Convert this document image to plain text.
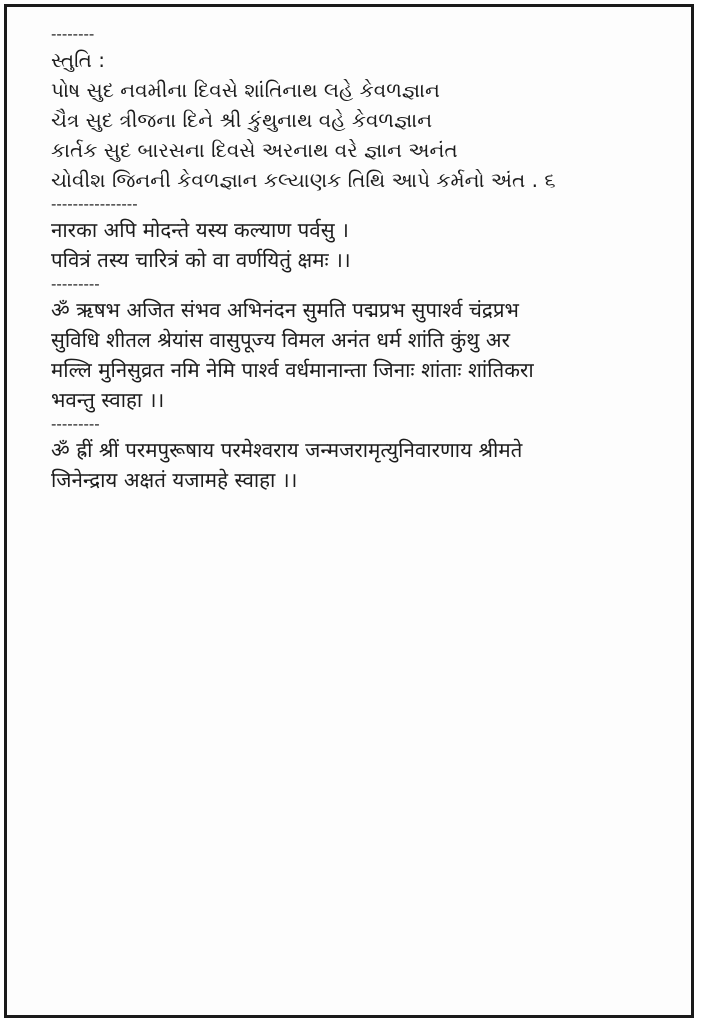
--------
સ્તુતિ :
પોષ સુદ નવમીના દિવસે શાંતિનાથ લહે કેવળજ્ઞાન
ચૈત્ર સુદ ત્રીજના દિને શ્રી કુંથુનાથ વહે કેવળજ્ઞાન
કાર્તક સુદ બારસના દિવસે અરનાથ વરે જ્ઞાન અનંત
ચોવીશ જિનની કેવળજ્ઞાન કલ્યાણક તિથિ આપે કર્મનો અંત . ૬
----------------
नारका अपि मोदन्ते यस्य कल्याण पर्वसु ।
पवित्रं तस्य चारित्रं को वा वर्णयितुं क्षमः ।।
---------
ॐ ऋषभ अजित संभव अभिनंदन सुमति पद्मप्रभ सुपार्श्व चंद्रप्रभ
सुविधि शीतल श्रेयांस वासुपूज्य विमल अनंत धर्म शांति कुंथु अर
मल्लि मुनिसुव्रत नमि नेमि पार्श्व वर्धमानान्ता जिनाः शांताः शांतिकरा
भवन्तु स्वाहा ।।
---------
ॐ ह्रीं श्रीं परमपुरूषाय परमेश्वराय जन्मजरामृत्युनिवारणाय श्रीमते
जिनेन्द्राय अक्षतं यजामहे स्वाहा ।।
